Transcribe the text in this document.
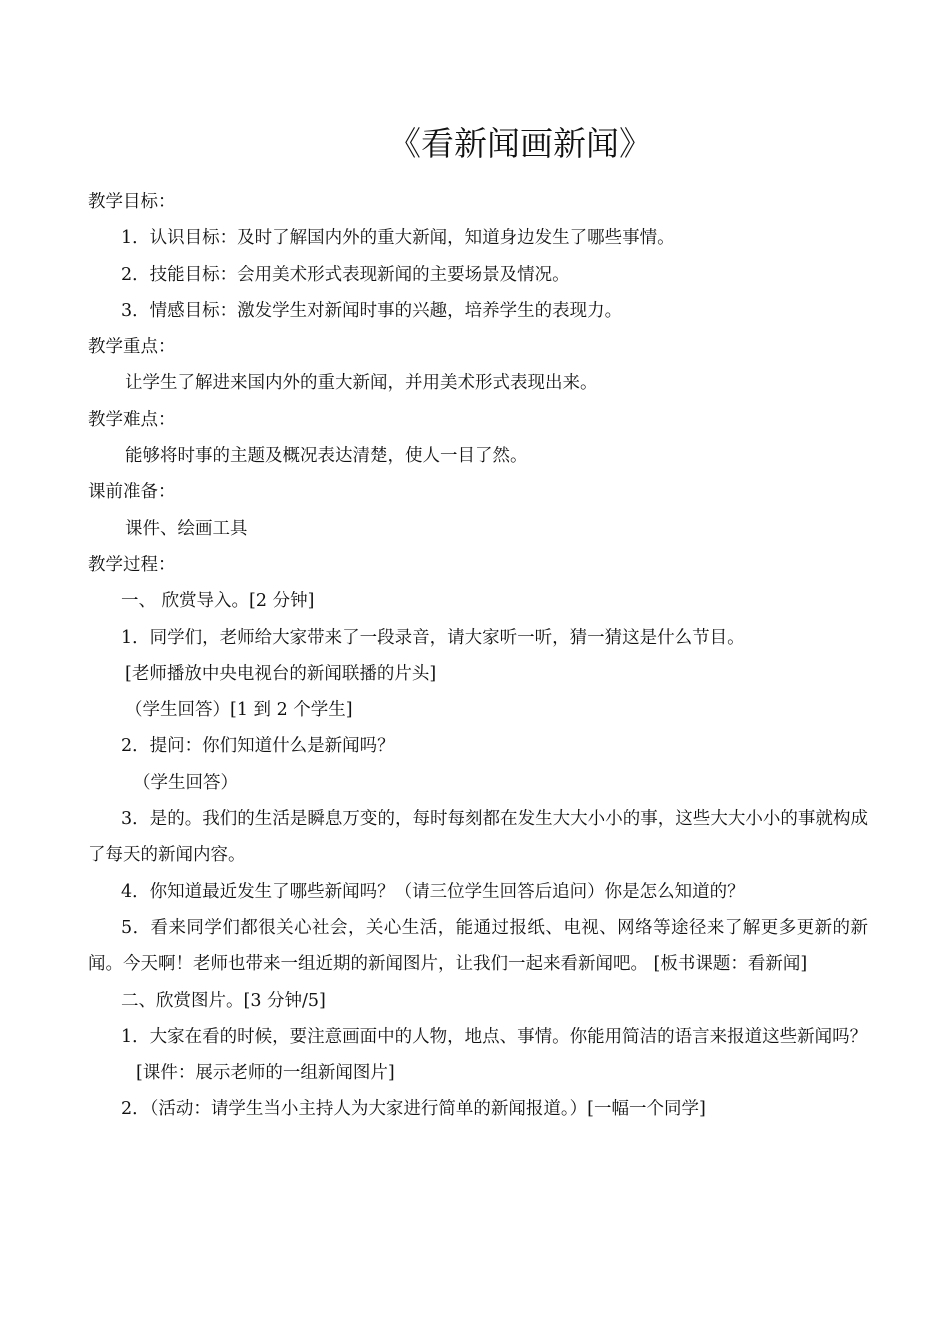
《看新闻画新闻》
教学目标：
1．认识目标：及时了解国内外的重大新闻，知道身边发生了哪些事情。
2．技能目标：会用美术形式表现新闻的主要场景及情况。
3．情感目标：激发学生对新闻时事的兴趣，培养学生的表现力。
教学重点：
让学生了解进来国内外的重大新闻，并用美术形式表现出来。
教学难点：
能够将时事的主题及概况表达清楚，使人一目了然。
课前准备：
课件、绘画工具
教学过程：
一、 欣赏导入。[2 分钟]
1．同学们，老师给大家带来了一段录音，请大家听一听，猜一猜这是什么节目。
[老师播放中央电视台的新闻联播的片头]
（学生回答）[1 到 2 个学生]
2．提问：你们知道什么是新闻吗？
（学生回答）
3．是的。我们的生活是瞬息万变的，每时每刻都在发生大大小小的事，这些大大小小的事就构成了每天的新闻内容。
4．你知道最近发生了哪些新闻吗？（请三位学生回答后追问）你是怎么知道的？
5．看来同学们都很关心社会，关心生活，能通过报纸、电视、网络等途径来了解更多更新的新闻。今天啊！老师也带来一组近期的新闻图片，让我们一起来看新闻吧。 [板书课题：看新闻]
二、欣赏图片。[3 分钟/5]
1．大家在看的时候，要注意画面中的人物，地点、事情。你能用简洁的语言来报道这些新闻吗？
[课件：展示老师的一组新闻图片]
2．（活动：请学生当小主持人为大家进行简单的新闻报道。）[一幅一个同学]
